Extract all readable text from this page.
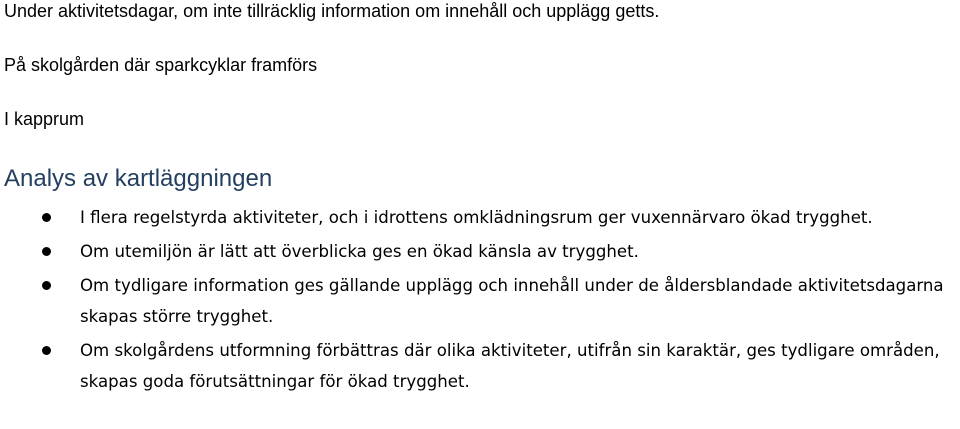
Under aktivitetsdagar, om inte tillräcklig information om innehåll och upplägg getts.
På skolgården där sparkcyklar framförs
I kapprum
Analys av kartläggningen
I flera regelstyrda aktiviteter, och i idrottens omklädningsrum ger vuxennärvaro ökad trygghet.
Om utemiljön är lätt att överblicka ges en ökad känsla av trygghet.
Om tydligare information ges gällande upplägg och innehåll under de åldersblandade aktivitetsdagarna skapas större trygghet.
Om skolgårdens utformning förbättras där olika aktiviteter, utifrån sin karaktär, ges tydligare områden, skapas goda förutsättningar för ökad trygghet.
